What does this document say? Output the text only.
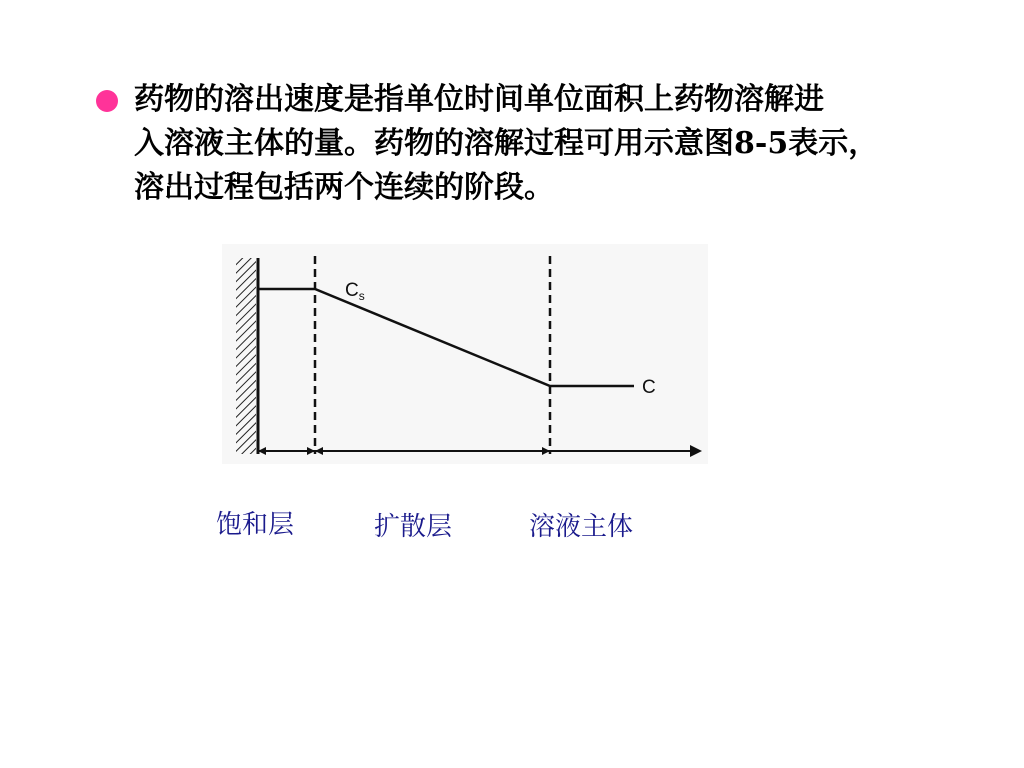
药物的溶出速度是指单位时间单位面积上药物溶解进
入溶液主体的量。药物的溶解过程可用示意图8-5表示，
溶出过程包括两个连续的阶段。
$C_s$
C
饱和层	扩散层	溶液主体
